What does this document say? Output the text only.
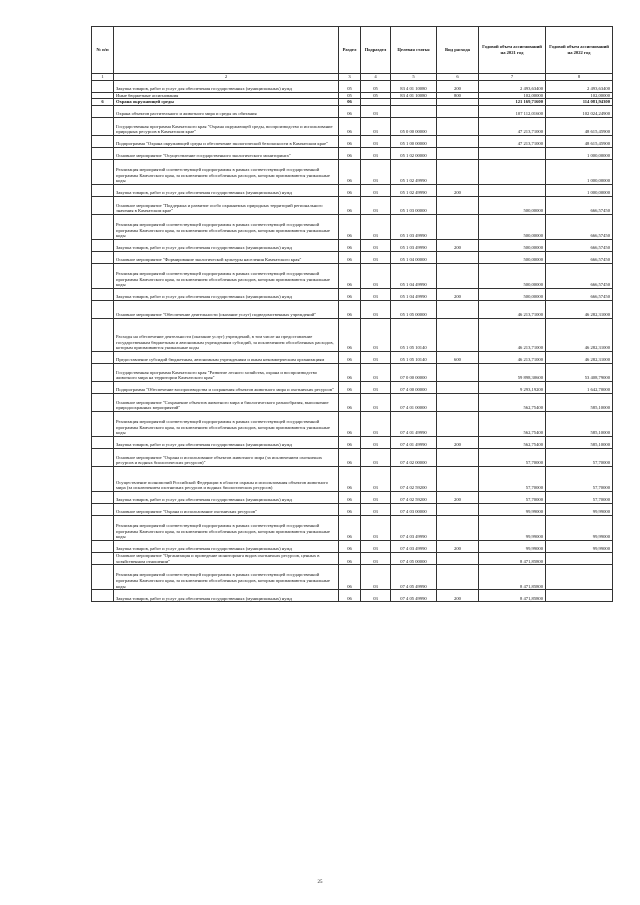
№ п/п		Раздел	Подраздел	Целевая статья	Вид расхода	Годовой объем ассигнований на 2021 год	Годовой объем ассигнований на 2022 год
1	2	3	4	5	6	7	8
	Закупка товаров, работ и услуг для обеспечения государственных (муниципальных) нужд	05	05	83 4 01 10080	200	2 493,63400	2 493,63400
	Иные бюджетные ассигнования	05	05	83 4 01 10080	800	102,00000	102,00000
6	Охрана окружающей среды	06				121 169,71600	114 081,94300
	Охрана объектов растительного и животного мира и среды их обитания	06	03			107 112,01600	102 024,24900
	Государственная программа Камчатского края "Охрана окружающей среды, воспроизводство и использование природных ресурсов в Камчатском крае"	06	03	05 0 00 00000		47 213,71000	48 615,45900
	Подпрограмма "Охрана окружающей среды и обеспечение экологической безопасности в Камчатском крае"	06	03	05 1 00 00000		47 213,71000	48 615,45900
	Основное мероприятие "Осуществление государственного экологического мониторинга"	06	03	05 1 02 00000			1 000,00000
	Реализация мероприятий соответствующей подпрограммы в рамках соответствующей государственной программы Камчатского края, за исключением обособленных расходов, которым присваиваются уникальные коды	06	03	05 1 02 49990			1 000,00000
	Закупка товаров, работ и услуг для обеспечения государственных (муниципальных) нужд	06	03	05 1 02 49990	200		1 000,00000
	Основное мероприятие "Поддержка и развитие особо охраняемых природных территорий регионального значения в Камчатском крае"	06	03	05 1 03 00000		500,00000	666,57450
	Реализация мероприятий соответствующей подпрограммы в рамках соответствующей государственной программы Камчатского края, за исключением обособленных расходов, которым присваиваются уникальные коды	06	03	05 1 03 49990		500,00000	666,57450
	Закупка товаров, работ и услуг для обеспечения государственных (муниципальных) нужд	06	03	05 1 03 49990	200	500,00000	666,57450
	Основное мероприятие "Формирование экологической культуры населения Камчатского края"	06	03	05 1 04 00000		500,00000	666,57450
	Реализация мероприятий соответствующей подпрограммы в рамках соответствующей государственной программы Камчатского края, за исключением обособленных расходов, которым присваиваются уникальные коды	06	03	05 1 04 49990		500,00000	666,57450
	Закупка товаров, работ и услуг для обеспечения государственных (муниципальных) нужд	06	03	05 1 04 49990	200	500,00000	666,57450
	Основное мероприятие "Обеспечение деятельности (оказание услуг) подведомственных учреждений"	06	03	05 1 05 00000		46 213,71000	46 282,31000
	Расходы на обеспечение деятельности (оказание услуг) учреждений, в том числе на предоставление государственным бюджетным и автономным учреждениям субсидий, за исключением обособленных расходов, которым присваиваются уникальные коды	06	03	05 1 05 10140		46 213,71000	46 282,31000
	Предоставление субсидий бюджетным, автономным учреждениям и иным некоммерческим организациям	06	03	05 1 05 10140	600	46 213,71000	46 282,31000
	Государственная программа Камчатского края "Развитие лесного хозяйства, охрана и воспроизводство животного мира на территории Камчатского края"	06	03	07 0 00 00000		59 898,30600	53 408,79000
	Подпрограмма "Обеспечение воспроизводства и сохранения объектов животного мира и охотничьих ресурсов"	06	03	07 4 00 00000		9 293,19200	1 642,70000
	Основное мероприятие "Сохранение объектов животного мира и биологического разнообразия, выполнение природоохранных мероприятий"	06	03	07 4 01 00000		562,75400	585,10000
	Реализация мероприятий соответствующей подпрограммы в рамках соответствующей государственной программы Камчатского края, за исключением обособленных расходов, которым присваиваются уникальные коды	06	03	07 4 01 49990		562,75400	585,10000
	Закупка товаров, работ и услуг для обеспечения государственных (муниципальных) нужд	06	03	07 4 01 49990	200	562,75400	585,10000
	Основное мероприятие "Охрана и использование объектов животного мира (за исключением охотничьих ресурсов и водных биологических ресурсов)"	06	03	07 4 02 00000		57,70000	57,70000
	Осуществление полномочий Российской Федерации в области охраны и использования объектов животного мира (за исключением охотничьих ресурсов и водных биологических ресурсов)	06	03	07 4 02 59200		57,70000	57,70000
	Закупка товаров, работ и услуг для обеспечения государственных (муниципальных) нужд	06	03	07 4 02 59200	200	57,70000	57,70000
	Основное мероприятие "Охрана и использование охотничьих ресурсов"	06	03	07 4 03 00000		99,99000	99,99000
	Реализация мероприятий соответствующей подпрограммы в рамках соответствующей государственной программы Камчатского края, за исключением обособленных расходов, которым присваиваются уникальные коды	06	03	07 4 03 49990		99,99000	99,99000
	Закупка товаров, работ и услуг для обеспечения государственных (муниципальных) нужд	06	03	07 4 03 49990	200	99,99000	99,99000
	Основное мероприятие "Организация и проведение мониторинга видов охотничьих ресурсов, ценных в хозяйственном отношении"	06	03	07 4 05 00000		8 471,85800	
	Реализация мероприятий соответствующей подпрограммы в рамках соответствующей государственной программы Камчатского края, за исключением обособленных расходов, которым присваиваются уникальные коды	06	03	07 4 05 49990		8 471,85800	
	Закупка товаров, работ и услуг для обеспечения государственных (муниципальных) нужд	06	03	07 4 05 49990	200	8 471,85800	
25
